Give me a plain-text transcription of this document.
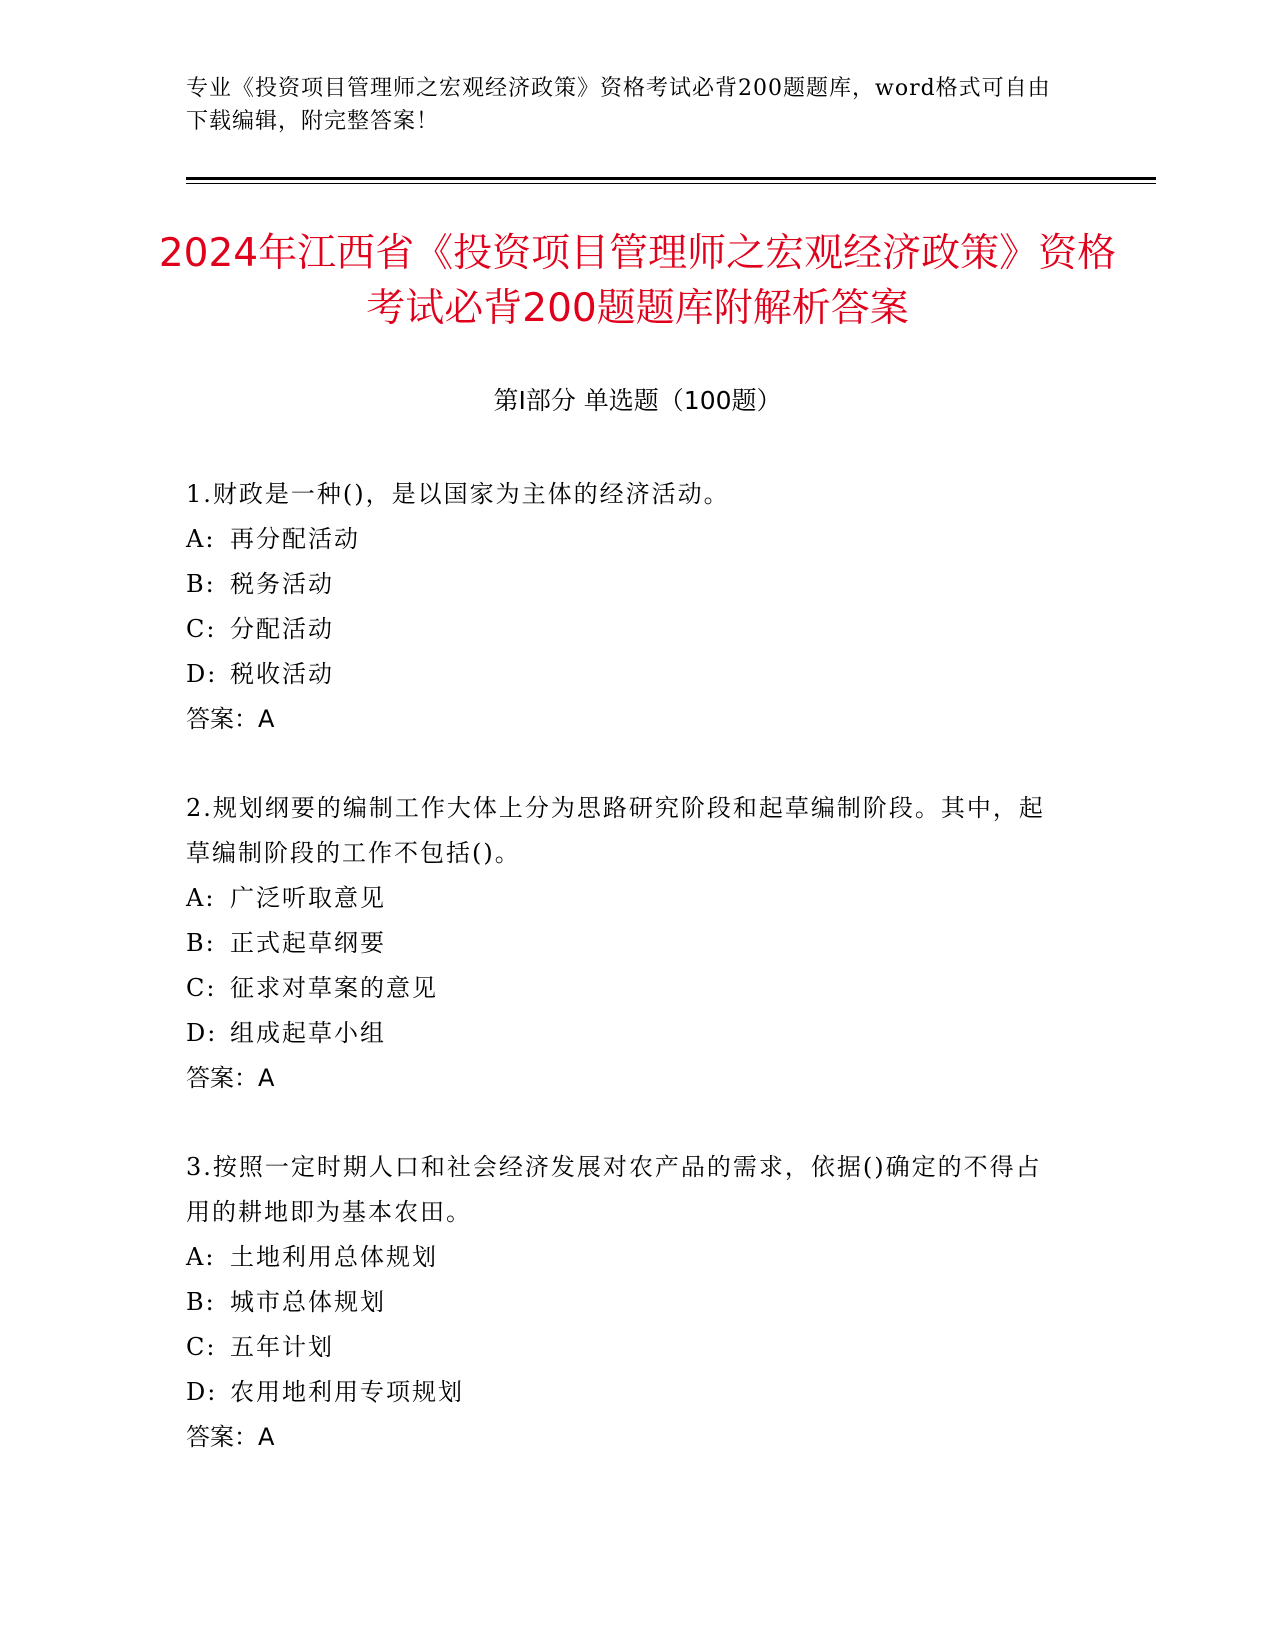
专业《投资项目管理师之宏观经济政策》资格考试必背200题题库，word格式可自由下载编辑，附完整答案！
2024年江西省《投资项目管理师之宏观经济政策》资格考试必背200题题库附解析答案
第I部分 单选题（100题）
1.财政是一种()，是以国家为主体的经济活动。
A: 再分配活动
B: 税务活动
C: 分配活动
D: 税收活动
答案：A
2.规划纲要的编制工作大体上分为思路研究阶段和起草编制阶段。其中，起草编制阶段的工作不包括()。
A: 广泛听取意见
B: 正式起草纲要
C: 征求对草案的意见
D: 组成起草小组
答案：A
3.按照一定时期人口和社会经济发展对农产品的需求，依据()确定的不得占用的耕地即为基本农田。
A: 土地利用总体规划
B: 城市总体规划
C: 五年计划
D: 农用地利用专项规划
答案：A
